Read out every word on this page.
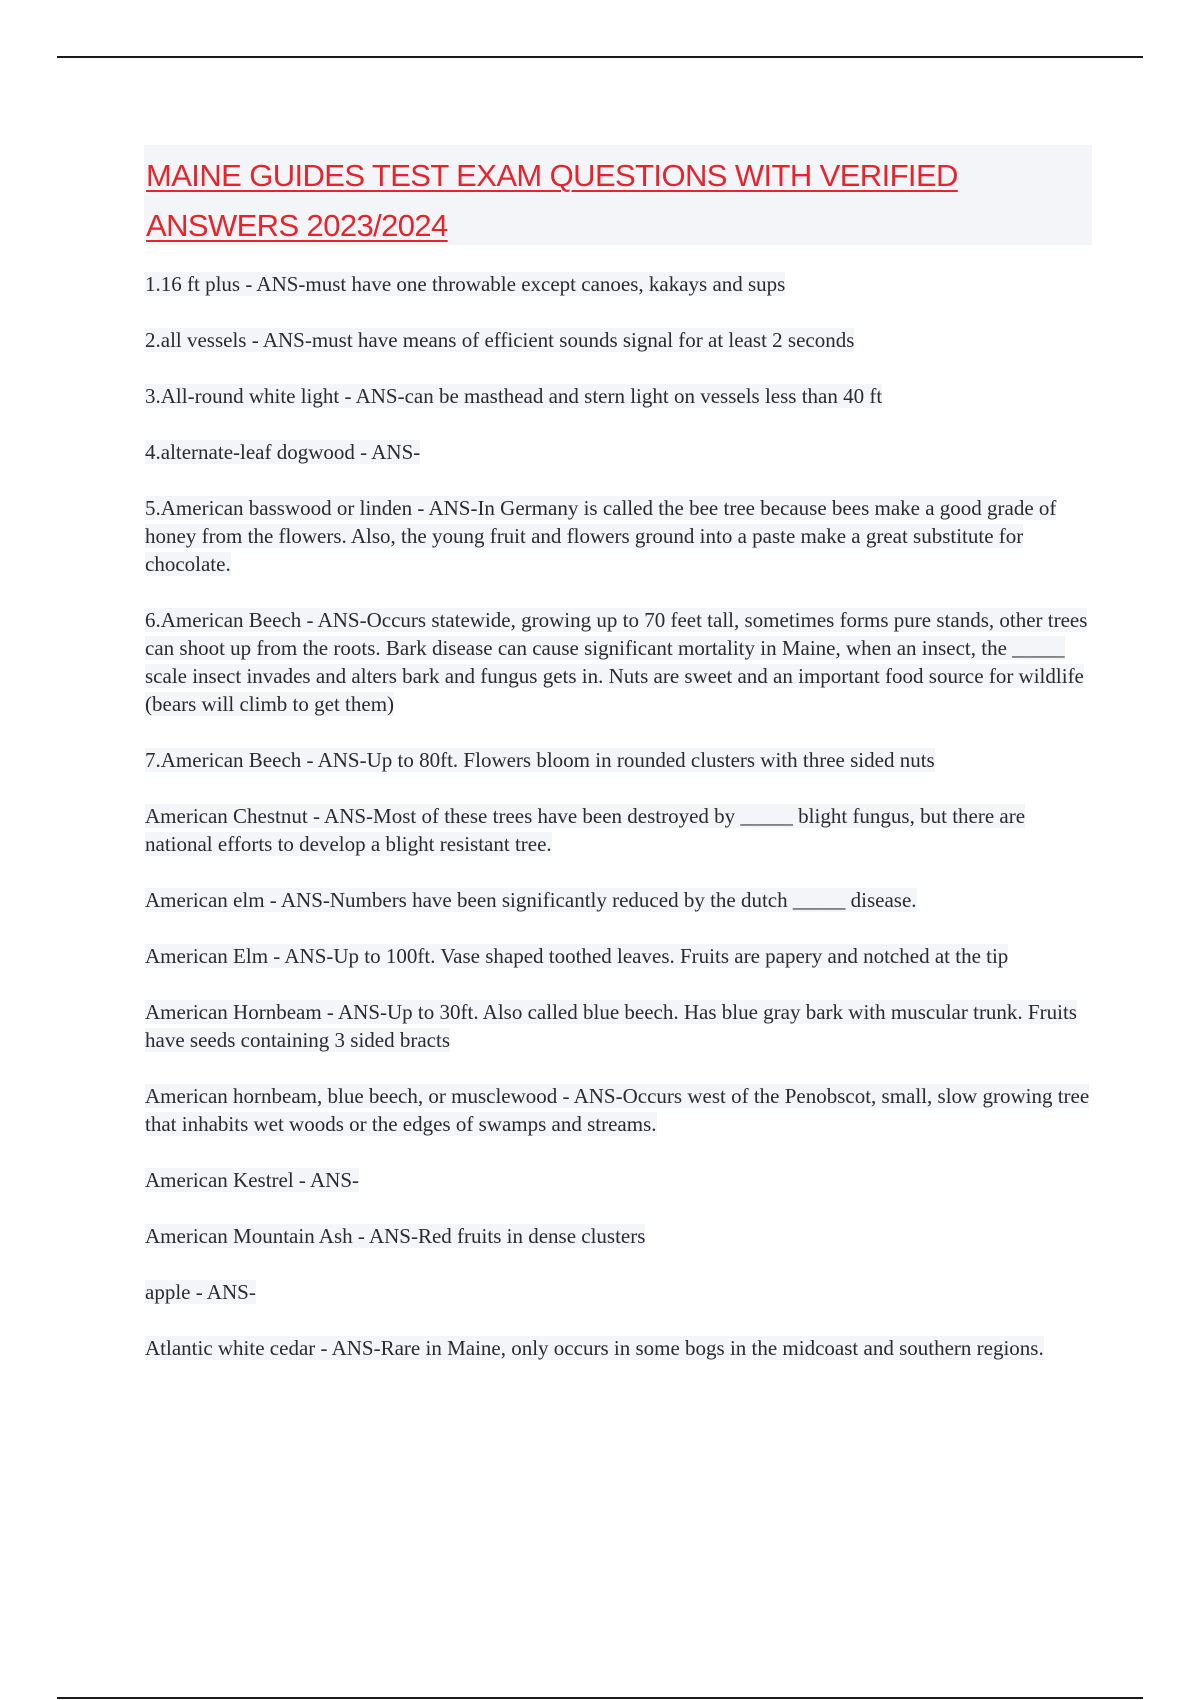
MAINE GUIDES TEST EXAM QUESTIONS WITH VERIFIED ANSWERS 2023/2024

1.16 ft plus - ANS-must have one throwable except canoes, kakays and sups

2.all vessels - ANS-must have means of efficient sounds signal for at least 2 seconds

3.All-round white light - ANS-can be masthead and stern light on vessels less than 40 ft

4.alternate-leaf dogwood - ANS-

5.American basswood or linden - ANS-In Germany is called the bee tree because bees make a good grade of honey from the flowers. Also, the young fruit and flowers ground into a paste make a great substitute for chocolate.

6.American Beech - ANS-Occurs statewide, growing up to 70 feet tall, sometimes forms pure stands, other trees can shoot up from the roots. Bark disease can cause significant mortality in Maine, when an insect, the _____ scale insect invades and alters bark and fungus gets in. Nuts are sweet and an important food source for wildlife (bears will climb to get them)

7.American Beech - ANS-Up to 80ft. Flowers bloom in rounded clusters with three sided nuts

American Chestnut - ANS-Most of these trees have been destroyed by _____ blight fungus, but there are national efforts to develop a blight resistant tree.

American elm - ANS-Numbers have been significantly reduced by the dutch _____ disease.

American Elm - ANS-Up to 100ft. Vase shaped toothed leaves. Fruits are papery and notched at the tip

American Hornbeam - ANS-Up to 30ft. Also called blue beech. Has blue gray bark with muscular trunk. Fruits have seeds containing 3 sided bracts

American hornbeam, blue beech, or musclewood - ANS-Occurs west of the Penobscot, small, slow growing tree that inhabits wet woods or the edges of swamps and streams.

American Kestrel - ANS-

American Mountain Ash - ANS-Red fruits in dense clusters

apple - ANS-

Atlantic white cedar - ANS-Rare in Maine, only occurs in some bogs in the midcoast and southern regions.
